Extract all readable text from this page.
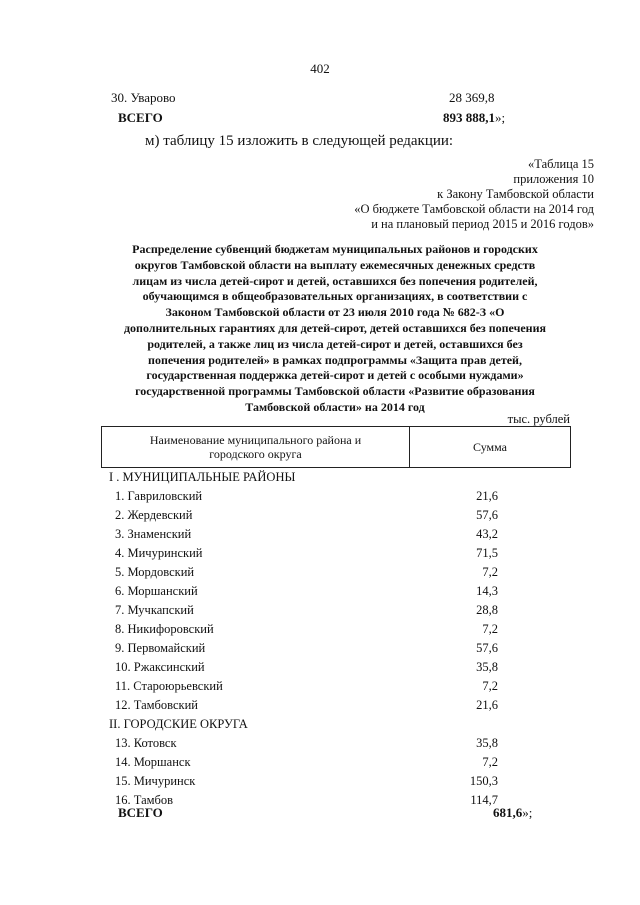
402
30. Уварово	28 369,8
ВСЕГО	893 888,1»;
м) таблицу 15 изложить в следующей редакции:
«Таблица 15
приложения 10
к Закону Тамбовской области
«О бюджете Тамбовской области на 2014 год
и на плановый период 2015 и 2016 годов»
Распределение субвенций бюджетам муниципальных районов и городских
округов Тамбовской области на выплату ежемесячных денежных средств
лицам из числа детей-сирот и детей, оставшихся без попечения родителей,
обучающимся в общеобразовательных организациях, в соответствии с
Законом Тамбовской области от 23 июля 2010 года № 682-З «О
дополнительных гарантиях для детей-сирот, детей оставшихся без попечения
родителей, а также лиц из числа детей-сирот и детей, оставшихся без
попечения родителей» в рамках подпрограммы «Защита прав детей,
государственная поддержка детей-сирот и детей с особыми нуждами»
государственной программы Тамбовской области «Развитие образования
Тамбовской области» на 2014 год
тыс. рублей
Наименование муниципального района и
городского округа	Сумма
I . МУНИЦИПАЛЬНЫЕ РАЙОНЫ
1. Гавриловский	21,6
2. Жердевский	57,6
3. Знаменский	43,2
4. Мичуринский	71,5
5. Мордовский	7,2
6. Моршанский	14,3
7. Мучкапский	28,8
8. Никифоровский	7,2
9. Первомайский	57,6
10. Ржаксинский	35,8
11. Староюрьевский	7,2
12. Тамбовский	21,6
II. ГОРОДСКИЕ ОКРУГА
13. Котовск	35,8
14. Моршанск	7,2
15. Мичуринск	150,3
16. Тамбов	114,7
ВСЕГО	681,6»;
